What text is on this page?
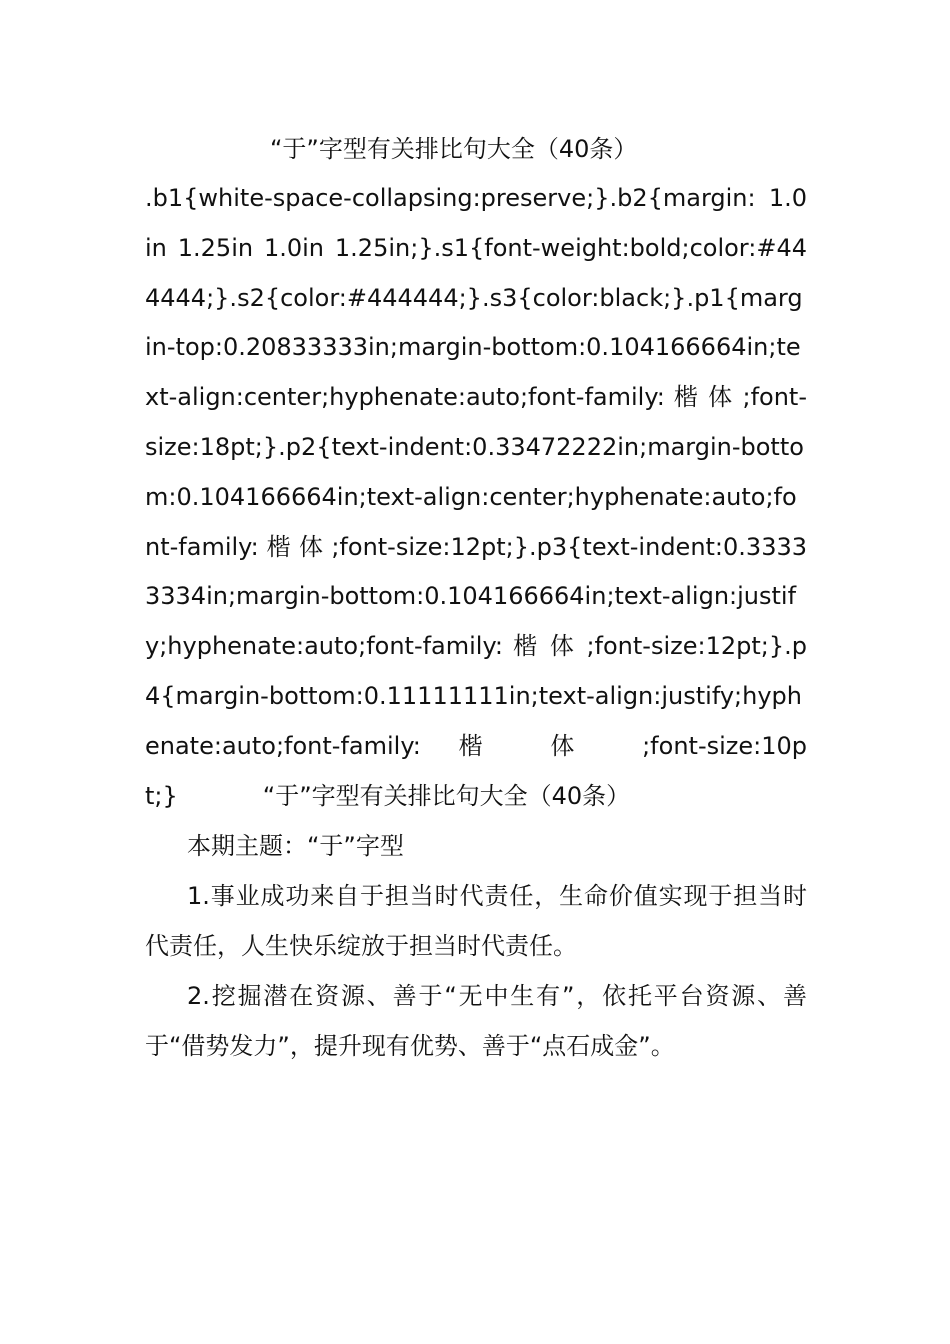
“于”字型有关排比句大全（40条）
.b1{white-space-collapsing:preserve;}.b2{margin: 1.0in 1.25in 1.0in 1.25in;}.s1{font-weight:bold;color:#444444;}.s2{color:#444444;}.s3{color:black;}.p1{margin-top:0.20833333in;margin-bottom:0.104166664in;text-align:center;hyphenate:auto;font-family: 楷 体 ;font-size:18pt;}.p2{text-indent:0.33472222in;margin-bottom:0.104166664in;text-align:center;hyphenate:auto;font-family: 楷 体 ;font-size:12pt;}.p3{text-indent:0.33333334in;margin-bottom:0.104166664in;text-align:justify;hyphenate:auto;font-family: 楷 体 ;font-size:12pt;}.p4{margin-bottom:0.11111111in;text-align:justify;hyphenate:auto;font-family: 楷 体 ;font-size:10pt;}	“于”字型有关排比句大全（40条）
本期主题：“于”字型
1.事业成功来自于担当时代责任，生命价值实现于担当时代责任，人生快乐绽放于担当时代责任。
2.挖掘潜在资源、善于“无中生有”，依托平台资源、善于“借势发力”，提升现有优势、善于“点石成金”。
